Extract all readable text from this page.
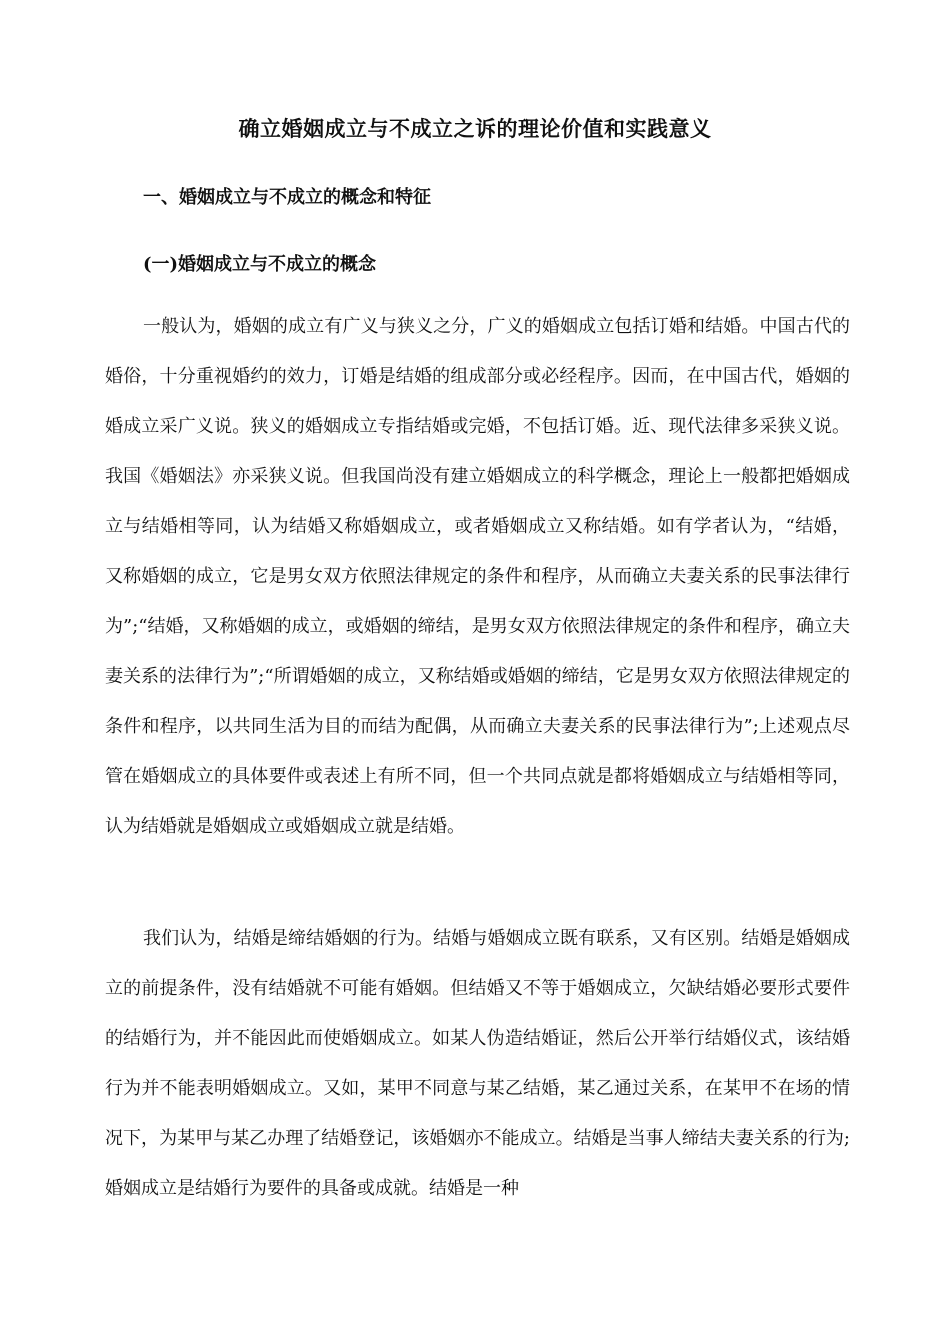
确立婚姻成立与不成立之诉的理论价值和实践意义
一、婚姻成立与不成立的概念和特征
(一)婚姻成立与不成立的概念

一般认为，婚姻的成立有广义与狭义之分，广义的婚姻成立包括订婚和结婚。中国古代的婚俗，十分重视婚约的效力，订婚是结婚的组成部分或必经程序。因而，在中国古代，婚姻的婚成立采广义说。狭义的婚姻成立专指结婚或完婚，不包括订婚。近、现代法律多采狭义说。我国《婚姻法》亦采狭义说。但我国尚没有建立婚姻成立的科学概念，理论上一般都把婚姻成立与结婚相等同，认为结婚又称婚姻成立，或者婚姻成立又称结婚。如有学者认为，“结婚，又称婚姻的成立，它是男女双方依照法律规定的条件和程序，从而确立夫妻关系的民事法律行为”;“结婚，又称婚姻的成立，或婚姻的缔结，是男女双方依照法律规定的条件和程序，确立夫妻关系的法律行为”;“所谓婚姻的成立，又称结婚或婚姻的缔结，它是男女双方依照法律规定的条件和程序，以共同生活为目的而结为配偶，从而确立夫妻关系的民事法律行为”;上述观点尽管在婚姻成立的具体要件或表述上有所不同，但一个共同点就是都将婚姻成立与结婚相等同，认为结婚就是婚姻成立或婚姻成立就是结婚。

我们认为，结婚是缔结婚姻的行为。结婚与婚姻成立既有联系，又有区别。结婚是婚姻成立的前提条件，没有结婚就不可能有婚姻。但结婚又不等于婚姻成立，欠缺结婚必要形式要件的结婚行为，并不能因此而使婚姻成立。如某人伪造结婚证，然后公开举行结婚仪式，该结婚行为并不能表明婚姻成立。又如，某甲不同意与某乙结婚，某乙通过关系，在某甲不在场的情况下，为某甲与某乙办理了结婚登记，该婚姻亦不能成立。结婚是当事人缔结夫妻关系的行为;婚姻成立是结婚行为要件的具备或成就。结婚是一种
